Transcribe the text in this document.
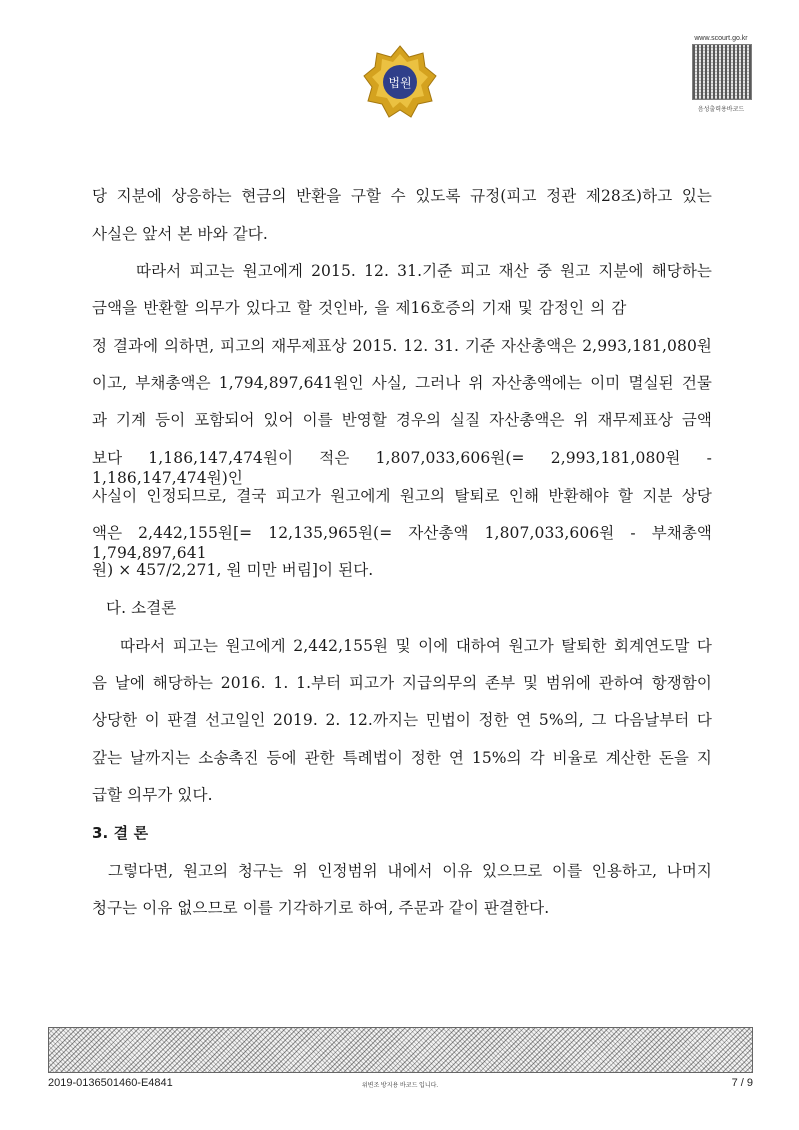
법원
www.scourt.go.kr
음성출력용바코드
당 지분에 상응하는 현금의 반환을 구할 수 있도록 규정(피고 정관 제28조)하고 있는
사실은 앞서 본 바와 같다.
따라서 피고는 원고에게 2015. 12. 31.기준 피고 재산 중 원고 지분에 해당하는
금액을 반환할 의무가 있다고 할 것인바, 을 제16호증의 기재 및 감정인 의 감
정 결과에 의하면, 피고의 재무제표상 2015. 12. 31. 기준 자산총액은 2,993,181,080원
이고, 부채총액은 1,794,897,641원인 사실, 그러나 위 자산총액에는 이미 멸실된 건물
과 기계 등이 포함되어 있어 이를 반영할 경우의 실질 자산총액은 위 재무제표상 금액
보다 1,186,147,474원이 적은 1,807,033,606원(= 2,993,181,080원 - 1,186,147,474원)인
사실이 인정되므로, 결국 피고가 원고에게 원고의 탈퇴로 인해 반환해야 할 지분 상당
액은 2,442,155원[= 12,135,965원(= 자산총액 1,807,033,606원 - 부채총액 1,794,897,641
원) × 457/2,271, 원 미만 버림]이 된다.
다. 소결론
따라서 피고는 원고에게 2,442,155원 및 이에 대하여 원고가 탈퇴한 회계연도말 다
음 날에 해당하는 2016. 1. 1.부터 피고가 지급의무의 존부 및 범위에 관하여 항쟁함이
상당한 이 판결 선고일인 2019. 2. 12.까지는 민법이 정한 연 5%의, 그 다음날부터 다
갚는 날까지는 소송촉진 등에 관한 특례법이 정한 연 15%의 각 비율로 계산한 돈을 지
급할 의무가 있다.
3. 결 론
그렇다면, 원고의 청구는 위 인정범위 내에서 이유 있으므로 이를 인용하고, 나머지
청구는 이유 없으므로 이를 기각하기로 하여, 주문과 같이 판결한다.
2019-0136501460-E4841	위변조 방지용 바코드 입니다.	7 / 9
